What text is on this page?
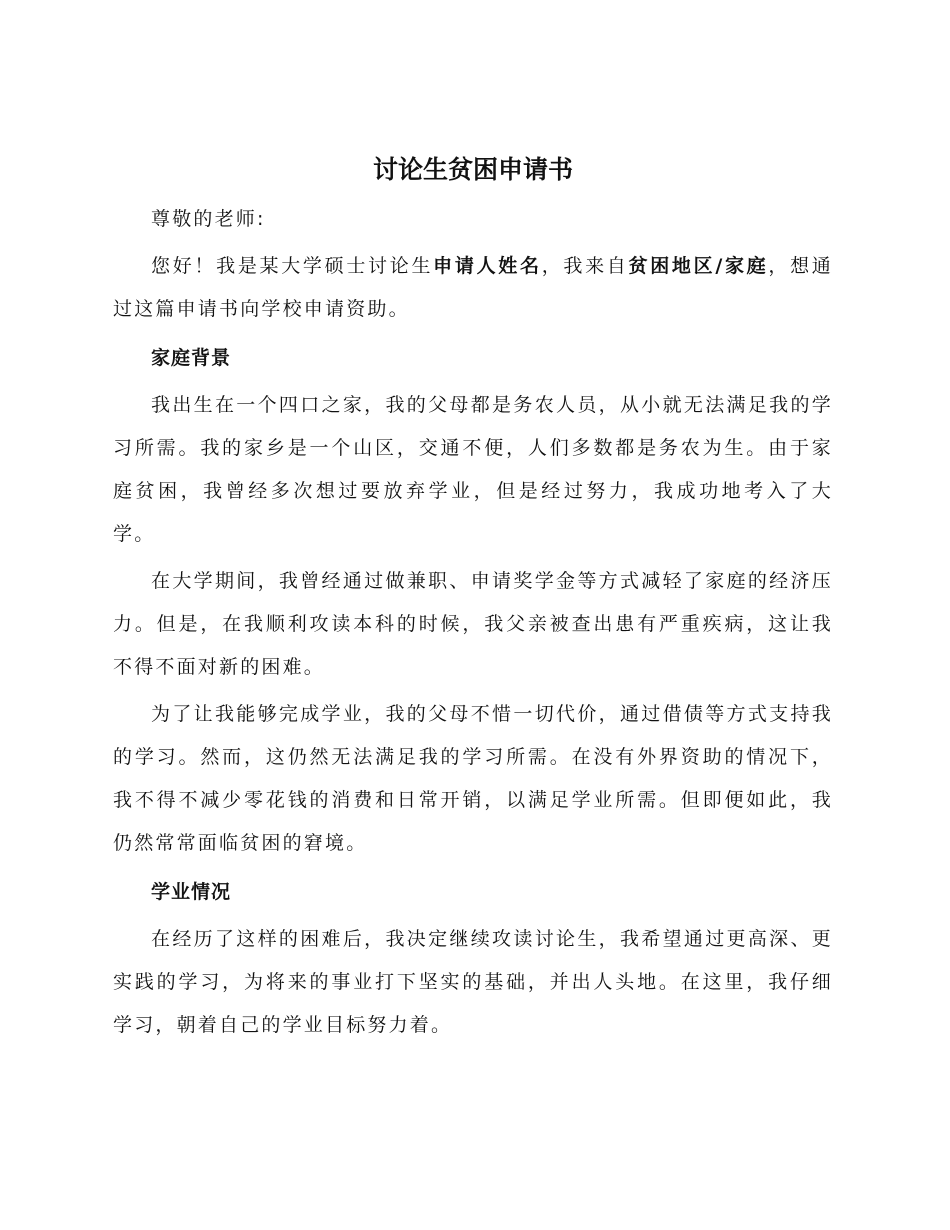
讨论生贫困申请书

尊敬的老师:

您好！我是某大学硕士讨论生申请人姓名，我来自贫困地区/家庭，想通过这篇申请书向学校申请资助。

家庭背景

我出生在一个四口之家，我的父母都是务农人员，从小就无法满足我的学习所需。我的家乡是一个山区，交通不便，人们多数都是务农为生。由于家庭贫困，我曾经多次想过要放弃学业，但是经过努力，我成功地考入了大学。

在大学期间，我曾经通过做兼职、申请奖学金等方式减轻了家庭的经济压力。但是，在我顺利攻读本科的时候，我父亲被查出患有严重疾病，这让我不得不面对新的困难。

为了让我能够完成学业，我的父母不惜一切代价，通过借债等方式支持我的学习。然而，这仍然无法满足我的学习所需。在没有外界资助的情况下，我不得不减少零花钱的消费和日常开销，以满足学业所需。但即便如此，我仍然常常面临贫困的窘境。

学业情况

在经历了这样的困难后，我决定继续攻读讨论生，我希望通过更高深、更实践的学习，为将来的事业打下坚实的基础，并出人头地。在这里，我仔细学习，朝着自己的学业目标努力着。
